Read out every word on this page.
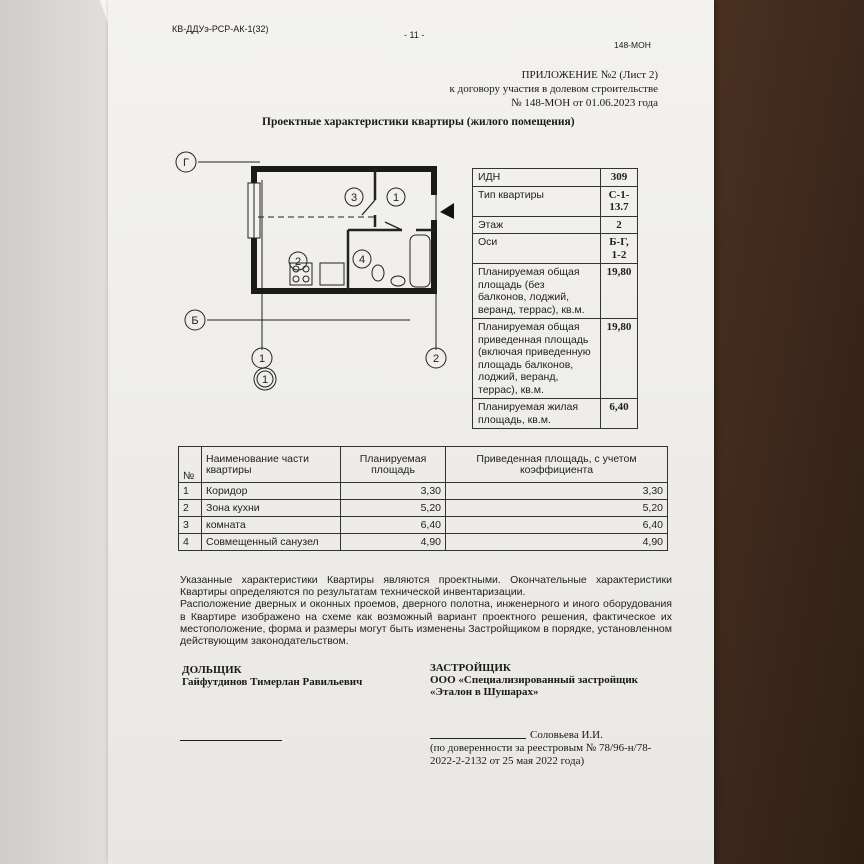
КВ-ДДУэ-РСР-АК-1(32)
- 11 -
148-МОН
ПРИЛОЖЕНИЕ №2 (Лист 2)
к договору участия в долевом строительстве
№ 148-МОН от 01.06.2023 года
Проектные характеристики квартиры (жилого помещения)
Г
Б
1	2
1
3	1
2	4
ИДН	309
Тип квартиры	С-1-13.7
Этаж	2
Оси	Б-Г, 1-2
Планируемая общая площадь (без балконов, лоджий, веранд, террас), кв.м.	19,80
Планируемая общая приведенная площадь (включая приведенную площадь балконов, лоджий, веранд, террас), кв.м.	19,80
Планируемая жилая площадь, кв.м.	6,40
№	Наименование части квартиры	Планируемая площадь	Приведенная площадь, с учетом коэффициента
1	Коридор	3,30	3,30
2	Зона кухни	5,20	5,20
3	комната	6,40	6,40
4	Совмещенный санузел	4,90	4,90
Указанные характеристики Квартиры являются проектными. Окончательные характеристики Квартиры определяются по результатам технической инвентаризации.
Расположение дверных и оконных проемов, дверного полотна, инженерного и иного оборудования в Квартире изображено на схеме как возможный вариант проектного решения, фактическое их местоположение, форма и размеры могут быть изменены Застройщиком в порядке, установленном действующим законодательством.
ДОЛЬЩИК
Гайфутдинов Тимерлан Равильевич
ЗАСТРОЙЩИК
ООО «Специализированный застройщик
«Эталон в Шушарах»
Соловьева И.И.
(по доверенности за реестровым № 78/96-н/78-
2022-2-2132 от 25 мая 2022 года)
